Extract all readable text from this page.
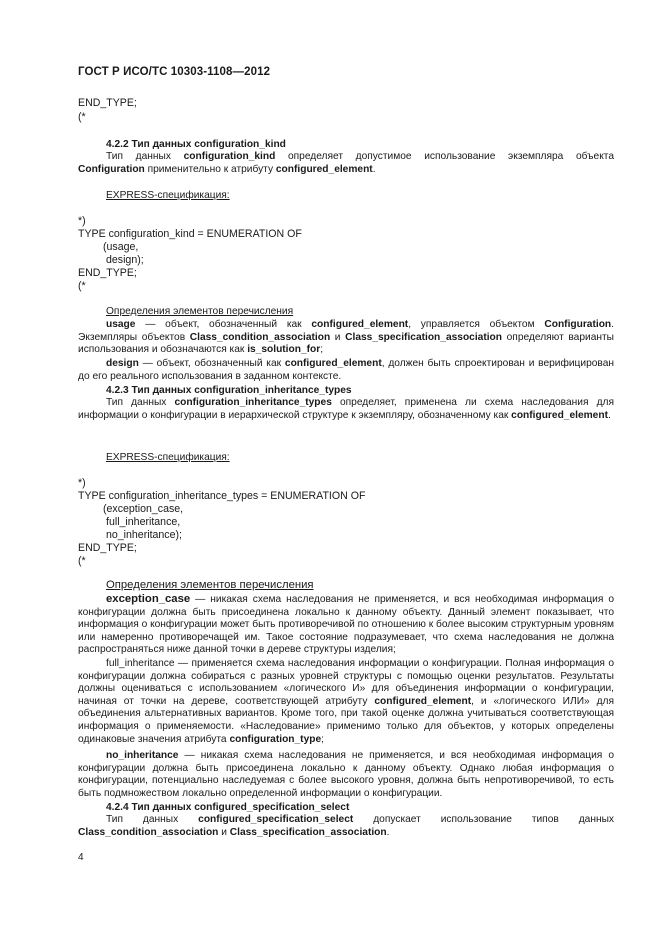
ГОСТ Р ИСО/ТС 10303-1108—2012
END_TYPE;
(*
4.2.2 Тип данных configuration_kind

Тип данных configuration_kind определяет допустимое использование экземпляра объекта Configuration применительно к атрибуту configured_element.

EXPRESS-спецификация:
*)
TYPE configuration_kind = ENUMERATION OF
(usage,
design);
END_TYPE;
(*
Определения элементов перечисления

usage — объект, обозначенный как configured_element, управляется объектом Configuration. Экземпляры объектов Class_condition_association и Class_specification_association определяют варианты использования и обозначаются как is_solution_for;

design — объект, обозначенный как configured_element, должен быть спроектирован и верифицирован до его реального использования в заданном контексте.

4.2.3 Тип данных configuration_inheritance_types

Тип данных configuration_inheritance_types определяет, применена ли схема наследования для информации о конфигурации в иерархической структуре к экземпляру, обозначенному как configured_element.

EXPRESS-спецификация:
*)
TYPE configuration_inheritance_types = ENUMERATION OF
(exception_case,
full_inheritance,
no_inheritance);
END_TYPE;
(*
Определения элементов перечисления

exception_case — никакая схема наследования не применяется, и вся необходимая информация о конфигурации должна быть присоединена локально к данному объекту. Данный элемент показывает, что информация о конфигурации может быть противоречивой по отношению к более высоким структурным уровням или намеренно противоречащей им. Такое состояние подразумевает, что схема наследования не должна распространяться ниже данной точки в дереве структуры изделия;

full_inheritance — применяется схема наследования информации о конфигурации. Полная информация о конфигурации должна собираться с разных уровней структуры с помощью оценки результатов. Результаты должны оцениваться с использованием «логического И» для объединения информации о конфигурации, начиная от точки на дереве, соответствующей атрибуту configured_element, и «логического ИЛИ» для объединения альтернативных вариантов. Кроме того, при такой оценке должна учитываться соответствующая информация о применяемости. «Наследование» применимо только для объектов, у которых определены одинаковые значения атрибута configuration_type;

no_inheritance — никакая схема наследования не применяется, и вся необходимая информация о конфигурации должна быть присоединена локально к данному объекту. Однако любая информация о конфигурации, потенциально наследуемая с более высокого уровня, должна быть непротиворечивой, то есть быть подмножеством локально определенной информации о конфигурации.

4.2.4 Тип данных configured_specification_select

Тип данных configured_specification_select допускает использование типов данных Class_condition_association и Class_specification_association.

4
